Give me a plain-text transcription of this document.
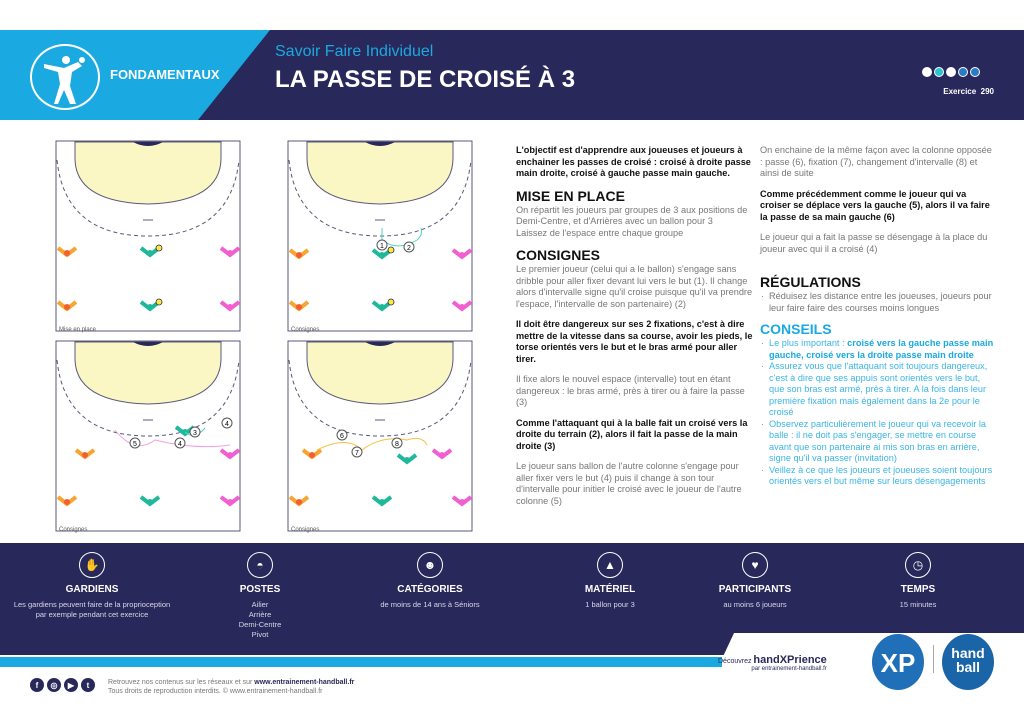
FONDAMENTAUX
Savoir Faire Individuel
LA PASSE DE CROISÉ À 3	Exercice 290
Mise en place
1	2
Consignes
5	4
3
4
Consignes
6
7
8
Consignes

L'objectif est d'apprendre aux joueuses et joueurs à enchainer les passes de croisé : croisé à droite passe main droite, croisé à gauche passe main gauche.

MISE EN PLACE
On répartit les joueurs par groupes de 3 aux positions de Demi-Centre, et d'Arrières avec un ballon pour 3

Laissez de l'espace entre chaque groupe

CONSIGNES

Le premier joueur (celui qui a le ballon) s'engage sans dribble pour aller fixer devant lui vers le but (1). Il change alors d'intervalle signe qu'il croise puisque qu'il va prendre l'espace, l'intervalle de son partenaire) (2)

Il doit être dangereux sur ses 2 fixations, c'est à dire mettre de la vitesse dans sa course, avoir les pieds, le torse orientés vers le but et le bras armé pour aller tirer.

Il fixe alors le nouvel espace (intervalle) tout en étant dangereux : le bras armé, près à tirer ou à faire la passe (3)

Comme l'attaquant qui à la balle fait un croisé vers la droite du terrain (2), alors il fait la passe de la main droite (3)

Le joueur sans ballon de l'autre colonne s'engage pour aller fixer vers le but (4) puis il change à son tour d'intervalle pour initier le croisé avec le joueur de l'autre colonne (5)

On enchaine de la même façon avec la colonne opposée : passe (6), fixation (7), changement d'intervalle (8) et ainsi de suite

Comme précédemment comme le joueur qui va croiser se déplace vers la gauche (5), alors il va faire la passe de sa main gauche (6)

Le joueur qui a fait la passe se désengage à la place du joueur avec qui il a croisé (4)

RÉGULATIONS
· Réduisez les distance entre les joueuses, joueurs pour leur faire faire des courses moins longues
CONSEILS
· Le plus important : croisé vers la gauche passe main gauche, croisé vers la droite passe main droite
· Assurez vous que l'attaquant soit toujours dangereux, c'est à dire que ses appuis sont orientés vers le but, que son bras est armé, près à tirer. A la fois dans leur première fixation mais également dans la 2e pour le croisé
· Observez particulièrement le joueur qui va recevoir la balle : il ne doit pas s'engager, se mettre en course avant que son partenaire ai mis son bras en arrière, signe qu'il va passer (invitation)
· Veillez à ce que les joueurs et joueuses soient toujours orientés vers el but même sur leurs désengagements
✋
GARDIENS
Les gardiens peuvent faire de la proprioception par exemple pendant cet exercice
◓
POSTES
Ailier
Arrière
Demi-Centre
Pivot
☻
CATÉGORIES
de moins de 14 ans à Séniors
▲
MATÉRIEL
1 ballon pour 3
♥
PARTICIPANTS
au moins 6 joueurs
◷
TEMPS
15 minutes
f	◎	▶	t	Retrouvez nos contenus sur les réseaux et sur www.entrainement-handball.fr
Tous droits de reproduction interdits. © www.entrainement-handball.fr
Découvrez handXPrience
par entrainement-handball.fr	XP	hand ball
